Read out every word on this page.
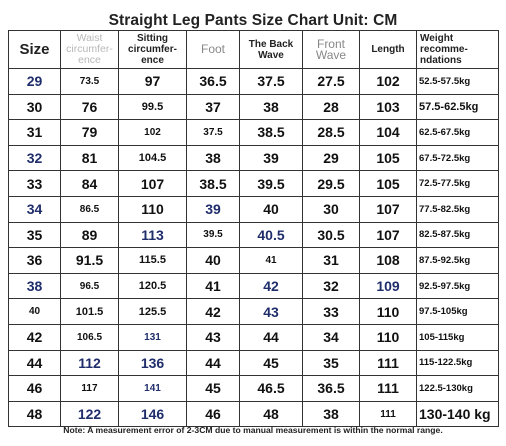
Straight Leg Pants Size Chart Unit: CM
Size	Waist circumfer- ence	Sitting circumfer- ence	Foot	The Back Wave	Front Wave	Length	Weight recomme- ndations
29	73.5	97	36.5	37.5	27.5	102	52.5-57.5kg
30	76	99.5	37	38	28	103	57.5-62.5kg
31	79	102	37.5	38.5	28.5	104	62.5-67.5kg
32	81	104.5	38	39	29	105	67.5-72.5kg
33	84	107	38.5	39.5	29.5	105	72.5-77.5kg
34	86.5	110	39	40	30	107	77.5-82.5kg
35	89	113	39.5	40.5	30.5	107	82.5-87.5kg
36	91.5	115.5	40	41	31	108	87.5-92.5kg
38	96.5	120.5	41	42	32	109	92.5-97.5kg
40	101.5	125.5	42	43	33	110	97.5-105kg
42	106.5	131	43	44	34	110	105-115kg
44	112	136	44	45	35	111	115-122.5kg
46	117	141	45	46.5	36.5	111	122.5-130kg
48	122	146	46	48	38	111	130-140 kg
Note: A measurement error of 2-3CM due to manual measurement is within the normal range.
